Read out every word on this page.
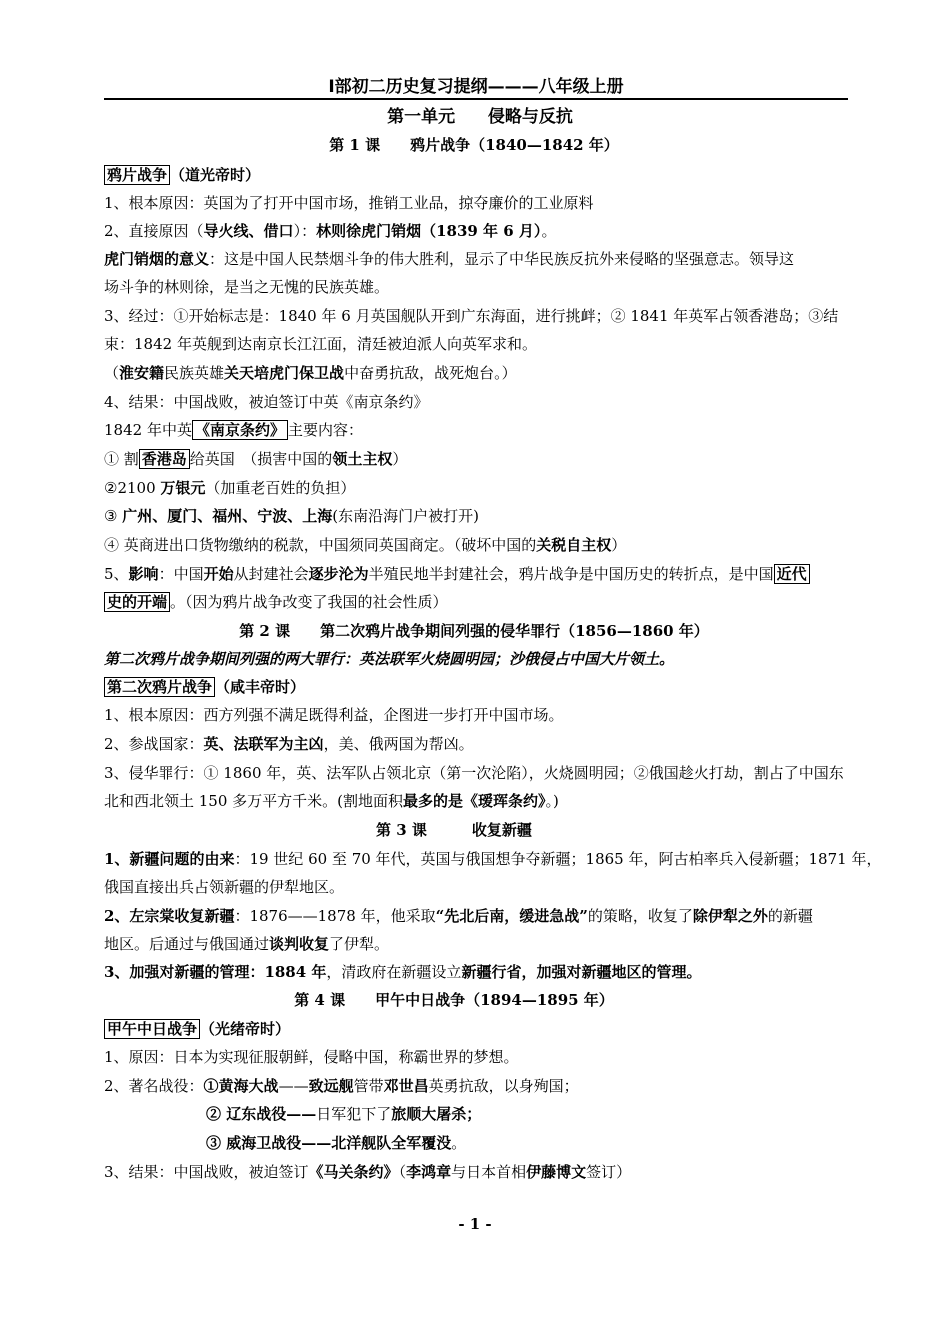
Ⅰ部初二历史复习提纲———八年级上册
第一单元 侵略与反抗
第 1 课　　鸦片战争（1840—1842 年）
鸦片战争 （道光帝时）
1、根本原因：英国为了打开中国市场，推销工业品，掠夺廉价的工业原料
2、直接原因（导火线、借口）：林则徐虎门销烟（1839 年 6 月）。
虎门销烟的意义：这是中国人民禁烟斗争的伟大胜利，显示了中华民族反抗外来侵略的坚强意志。领导这
场斗争的林则徐，是当之无愧的民族英雄。
3、经过：①开始标志是：1840 年 6 月英国舰队开到广东海面，进行挑衅；② 1841 年英军占领香港岛；③结
束：1842 年英舰到达南京长江江面，清廷被迫派人向英军求和。
（淮安籍民族英雄关天培虎门保卫战中奋勇抗敌，战死炮台。）
4、结果：中国战败，被迫签订中英《南京条约》
1842 年中英 《南京条约》 主要内容：
① 割 香港岛 给英国　（损害中国的领土主权）
②2100 万银元（加重老百姓的负担）
③ 广州、厦门、福州、宁波、上海(东南沿海门户被打开)
④ 英商进出口货物缴纳的税款，中国须同英国商定。（破坏中国的关税自主权）
5、影响：中国开始从封建社会逐步沦为半殖民地半封建社会，鸦片战争是中国历史的转折点，是中国 近代
史的开端 。（因为鸦片战争改变了我国的社会性质）
第 2 课　　第二次鸦片战争期间列强的侵华罪行（1856—1860 年）
第二次鸦片战争期间列强的两大罪行：英法联军火烧圆明园；沙俄侵占中国大片领土。
第二次鸦片战争 （咸丰帝时）
1、根本原因：西方列强不满足既得利益，企图进一步打开中国市场。
2、参战国家：英、法联军为主凶，美、俄两国为帮凶。
3、侵华罪行：① 1860 年，英、法军队占领北京（第一次沦陷），火烧圆明园；②俄国趁火打劫，割占了中国东
北和西北领土 150 多万平方千米。(割地面积最多的是《瑷珲条约》。)
第 3 课　　　收复新疆
1、新疆问题的由来：19 世纪 60 至 70 年代，英国与俄国想争夺新疆；1865 年，阿古柏率兵入侵新疆；1871 年，
俄国直接出兵占领新疆的伊犁地区。
2、左宗棠收复新疆：1876——1878 年，他采取“先北后南，缓进急战”的策略，收复了除伊犁之外的新疆
地区。后通过与俄国通过谈判收复了伊犁。
3、加强对新疆的管理：1884 年，清政府在新疆设立新疆行省，加强对新疆地区的管理。
第 4 课　　甲午中日战争（1894—1895 年）
甲午中日战争 （光绪帝时）
1、原因：日本为实现征服朝鲜，侵略中国，称霸世界的梦想。
2、著名战役：①黄海大战——致远舰管带邓世昌英勇抗敌，以身殉国；
② 辽东战役——日军犯下了旅顺大屠杀；
③ 威海卫战役——北洋舰队全军覆没。
3、结果：中国战败，被迫签订《马关条约》（李鸿章与日本首相伊藤博文签订）
- 1 -
